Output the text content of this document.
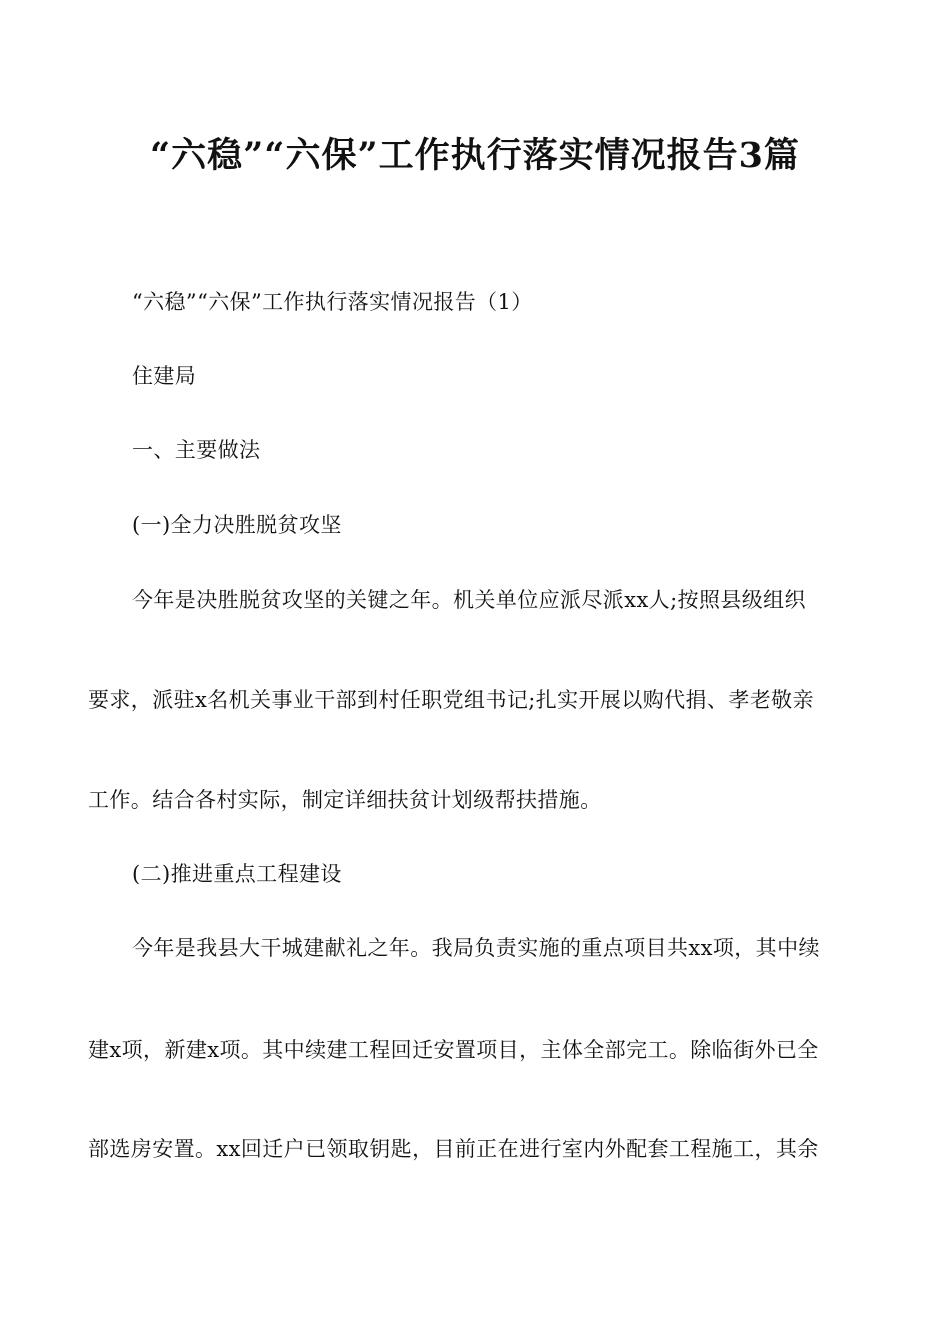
“六稳”“六保”工作执行落实情况报告3篇
“六稳”“六保”工作执行落实情况报告（1）
住建局
一、主要做法
(一)全力决胜脱贫攻坚
今年是决胜脱贫攻坚的关键之年。机关单位应派尽派xx人;按照县级组织
要求，派驻x名机关事业干部到村任职党组书记;扎实开展以购代捐、孝老敬亲
工作。结合各村实际，制定详细扶贫计划级帮扶措施。
(二)推进重点工程建设
今年是我县大干城建献礼之年。我局负责实施的重点项目共xx项，其中续
建x项，新建x项。其中续建工程回迁安置项目，主体全部完工。除临街外已全
部选房安置。xx回迁户已领取钥匙，目前正在进行室内外配套工程施工，其余
